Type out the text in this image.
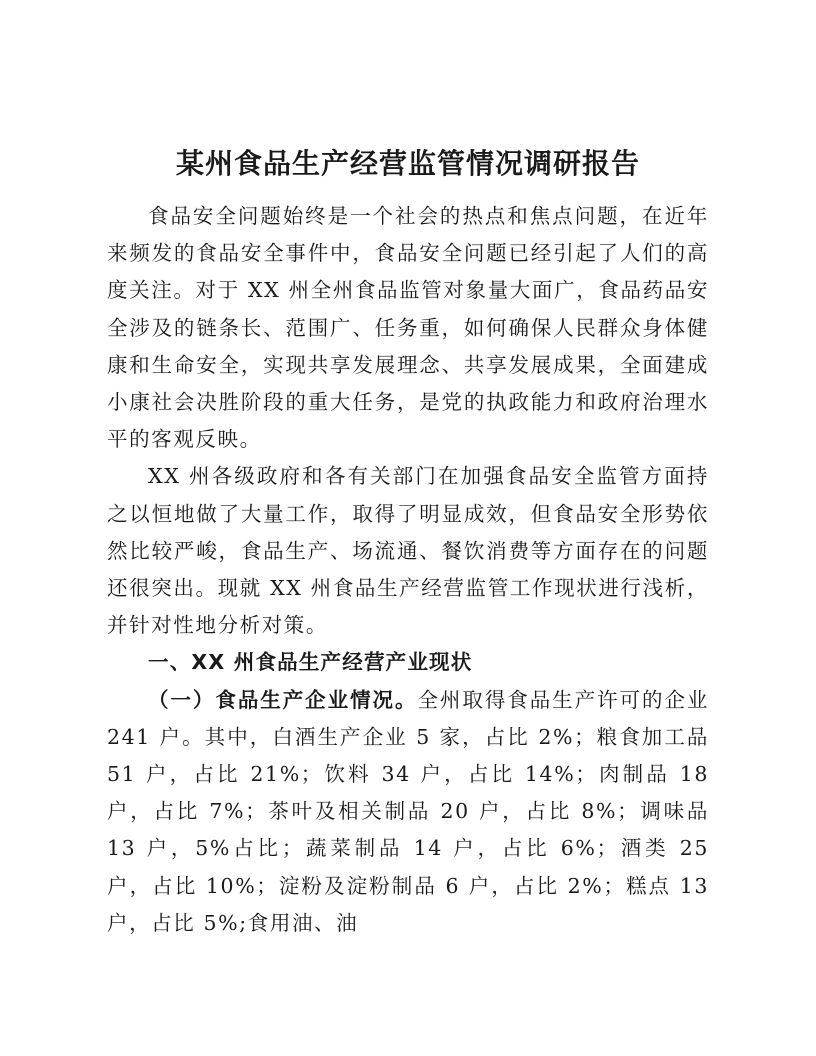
某州食品生产经营监管情况调研报告

食品安全问题始终是一个社会的热点和焦点问题，在近年来频发的食品安全事件中，食品安全问题已经引起了人们的高度关注。对于 XX 州全州食品监管对象量大面广，食品药品安全涉及的链条长、范围广、任务重，如何确保人民群众身体健康和生命安全，实现共享发展理念、共享发展成果，全面建成小康社会决胜阶段的重大任务，是党的执政能力和政府治理水平的客观反映。

XX 州各级政府和各有关部门在加强食品安全监管方面持之以恒地做了大量工作，取得了明显成效，但食品安全形势依然比较严峻，食品生产、场流通、餐饮消费等方面存在的问题还很突出。现就 XX 州食品生产经营监管工作现状进行浅析，并针对性地分析对策。

一、XX 州食品生产经营产业现状

（一）食品生产企业情况。全州取得食品生产许可的企业 241 户。其中，白酒生产企业 5 家，占比 2%；粮食加工品 51 户，占比 21%；饮料 34 户，占比 14%；肉制品 18 户，占比 7%；茶叶及相关制品 20 户，占比 8%；调味品 13 户，5%占比；蔬菜制品 14 户，占比 6%；酒类 25 户，占比 10%；淀粉及淀粉制品 6 户，占比 2%；糕点 13 户，占比 5%;食用油、油
